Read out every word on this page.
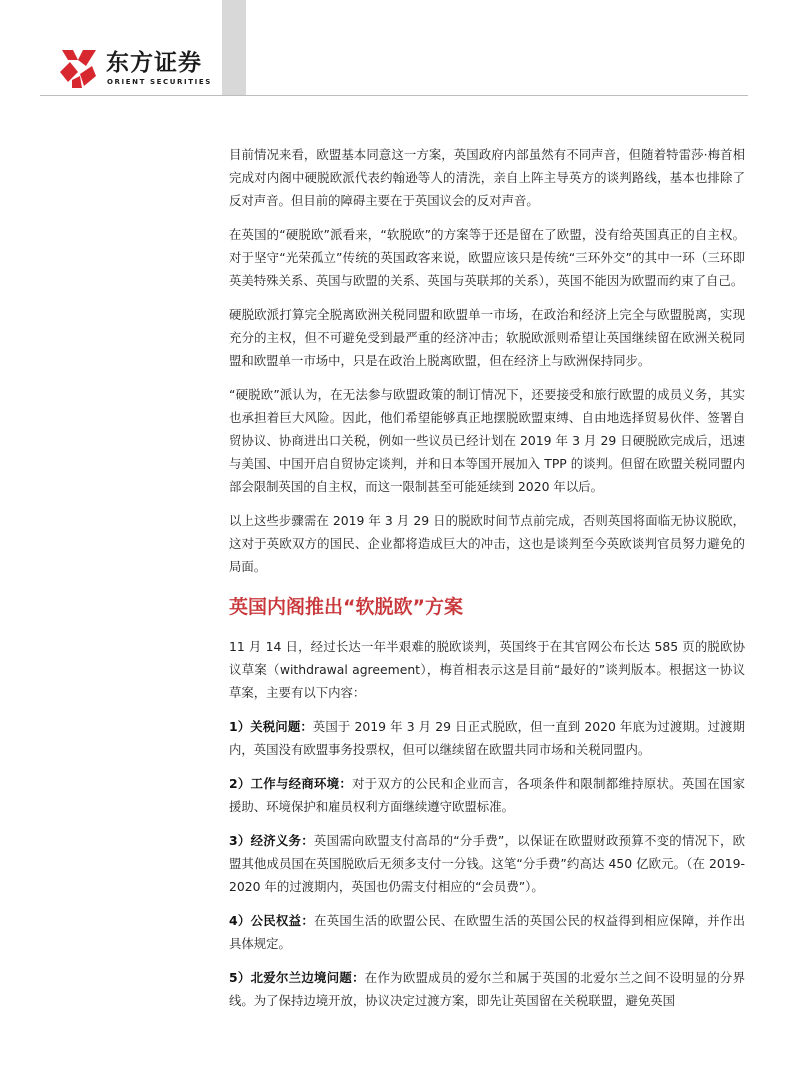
东方证券
ORIENT SECURITIES

目前情况来看，欧盟基本同意这一方案，英国政府内部虽然有不同声音，但随着特雷莎·梅首相完成对内阁中硬脱欧派代表约翰逊等人的清洗，亲自上阵主导英方的谈判路线，基本也排除了反对声音。但目前的障碍主要在于英国议会的反对声音。

在英国的“硬脱欧”派看来，“软脱欧”的方案等于还是留在了欧盟，没有给英国真正的自主权。对于坚守“光荣孤立”传统的英国政客来说，欧盟应该只是传统“三环外交”的其中一环（三环即英美特殊关系、英国与欧盟的关系、英国与英联邦的关系），英国不能因为欧盟而约束了自己。

硬脱欧派打算完全脱离欧洲关税同盟和欧盟单一市场，在政治和经济上完全与欧盟脱离，实现充分的主权，但不可避免受到最严重的经济冲击；软脱欧派则希望让英国继续留在欧洲关税同盟和欧盟单一市场中，只是在政治上脱离欧盟，但在经济上与欧洲保持同步。

“硬脱欧”派认为，在无法参与欧盟政策的制订情况下，还要接受和旅行欧盟的成员义务，其实也承担着巨大风险。因此，他们希望能够真正地摆脱欧盟束缚、自由地选择贸易伙伴、签署自贸协议、协商进出口关税，例如一些议员已经计划在 2019 年 3 月 29 日硬脱欧完成后，迅速与美国、中国开启自贸协定谈判，并和日本等国开展加入 TPP 的谈判。但留在欧盟关税同盟内部会限制英国的自主权，而这一限制甚至可能延续到 2020 年以后。

以上这些步骤需在 2019 年 3 月 29 日的脱欧时间节点前完成，否则英国将面临无协议脱欧，这对于英欧双方的国民、企业都将造成巨大的冲击，这也是谈判至今英欧谈判官员努力避免的局面。

英国内阁推出“软脱欧”方案

11 月 14 日，经过长达一年半艰难的脱欧谈判，英国终于在其官网公布长达 585 页的脱欧协议草案（withdrawal agreement），梅首相表示这是目前“最好的”谈判版本。根据这一协议草案，主要有以下内容：

1）关税问题：英国于 2019 年 3 月 29 日正式脱欧，但一直到 2020 年底为过渡期。过渡期内，英国没有欧盟事务投票权，但可以继续留在欧盟共同市场和关税同盟内。

2）工作与经商环境：对于双方的公民和企业而言，各项条件和限制都维持原状。英国在国家援助、环境保护和雇员权利方面继续遵守欧盟标准。

3）经济义务：英国需向欧盟支付高昂的“分手费”，以保证在欧盟财政预算不变的情况下，欧盟其他成员国在英国脱欧后无须多支付一分钱。这笔“分手费”约高达 450 亿欧元。（在 2019-2020 年的过渡期内，英国也仍需支付相应的“会员费”）。

4）公民权益：在英国生活的欧盟公民、在欧盟生活的英国公民的权益得到相应保障，并作出具体规定。

5）北爱尔兰边境问题：在作为欧盟成员的爱尔兰和属于英国的北爱尔兰之间不设明显的分界线。为了保持边境开放，协议决定过渡方案，即先让英国留在关税联盟，避免英国
